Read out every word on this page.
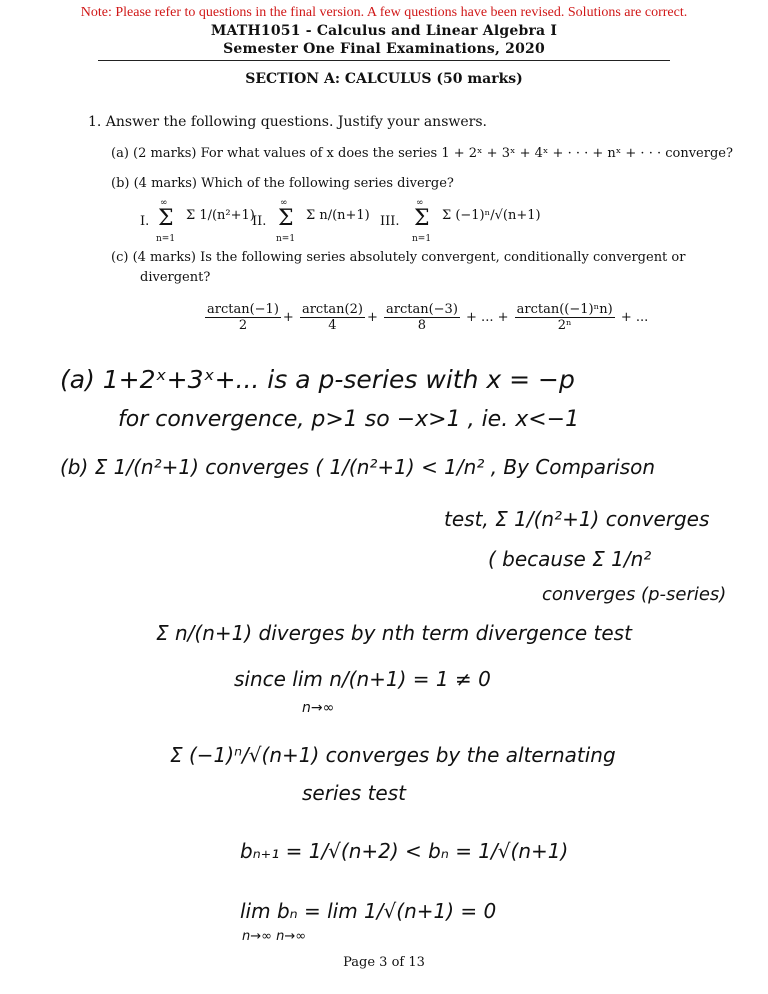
Note: Please refer to questions in the final version. A few questions have been revised. Solutions are correct.
MATH1051 - Calculus and Linear Algebra I
Semester One Final Examinations, 2020
SECTION A: CALCULUS (50 marks)
1. Answer the following questions. Justify your answers.
(a) (2 marks) For what values of x does the series 1 + 2ˣ + 3ˣ + 4ˣ + · · · + nˣ + · · · converge?
(b) (4 marks) Which of the following series diverge?
I.
∞
Σ
n=1
Σ 1/(n²+1)
II.
∞
Σ
n=1
Σ n/(n+1) III.
∞
Σ
n=1
Σ (−1)ⁿ/√(n+1)
(c) (4 marks) Is the following series absolutely convergent, conditionally convergent or
divergent?
$\frac{\arctan(-1)}{2} + \frac{\arctan(2)}{4} + \frac{\arctan(-3)}{8}$ + ... + $\frac{\text{arctan((−1)ⁿn)}}{\text{2ⁿ}}$ + ...
(a) 1+2ˣ+3ˣ+... is a p-series with x = −p
for convergence, p>1 so −x>1 , ie. x<−1
(b) Σ 1/(n²+1) converges ( 1/(n²+1) < 1/n² , By Comparison
test, Σ 1/(n²+1) converges
( because Σ 1/n²
converges (p-series)
Σ n/(n+1) diverges by nth term divergence test
since lim n/(n+1) = 1 ≠ 0
n→∞
Σ (−1)ⁿ/√(n+1) converges by the alternating
series test
bₙ₊₁ = 1/√(n+2) < bₙ = 1/√(n+1)
lim bₙ = lim 1/√(n+1) = 0
n→∞ n→∞
Page 3 of 13
